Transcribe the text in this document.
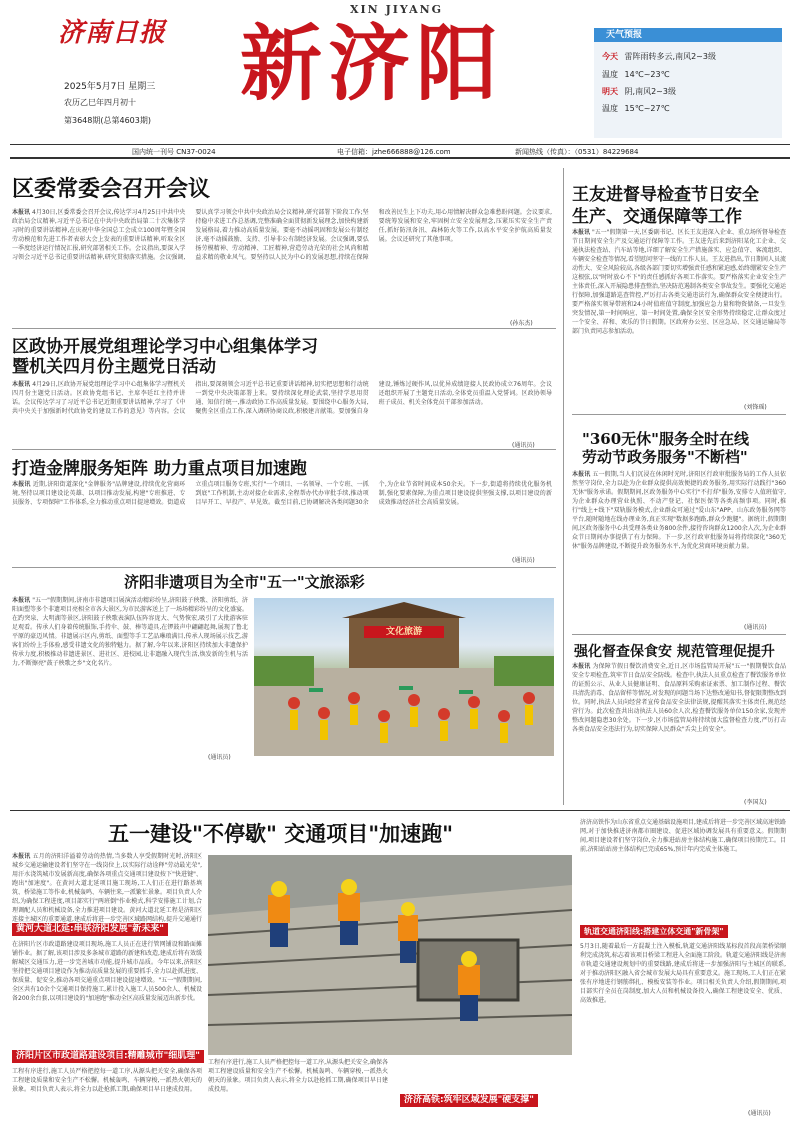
济南日报
2025年5月7日 星期三
农历乙巳年四月初十
第3648期(总第4603期)
XIN JIYANG
新济阳	天气预报
今天 雷阵雨转多云,南风2~3级
温度 14℃~23℃
明天 阴,南风2~3级
温度 15℃~27℃
国内统一刊号 CN37-0024	电子信箱：jzhe666888@126.com	新闻热线（传真）：（0531）84229684
区委常委会召开会议
本报讯 4月30日,区委常委会召开会议,传达学习4月25日中共中央政治局会议精神,习近平总书记在中共中央政治局第二十次集体学习时的重要讲话精神,在庆祝中华全国总工会成立100周年暨全国劳动模范和先进工作者表彰大会上发表的重要讲话精神,听取全区一季度经济运行情况汇报,研究部署相关工作。会议指出,要深入学习领会习近平总书记重要讲话精神,研究贯彻落实措施。会议强调,要认真学习领会中共中央政治局会议精神,研究部署下阶段工作;坚持稳中求进工作总基调,完整准确全面贯彻新发展理念,加快构建新发展格局,着力推动高质量发展。要毫不动摇巩固和发展公有制经济,毫不动摇鼓励、支持、引导非公有制经济发展。会议强调,要弘扬劳模精神、劳动精神、工匠精神,营造劳动光荣的社会风尚和精益求精的敬业风气。要坚持以人民为中心的发展思想,持续在保障和改善民生上下功夫,用心用情解决群众急难愁盼问题。会议要求,要统筹发展和安全,牢固树立安全发展理念,压紧压实安全生产责任,抓好防汛备汛、森林防火等工作,以高水平安全护航高质量发展。会议还研究了其他事项。
(孙东杰)
区政协开展党组理论学习中心组集体学习
暨机关四月份主题党日活动
本报讯 4月29日,区政协开展党组理论学习中心组集体学习暨机关四月份主题党日活动。区政协党组书记、主席李廷红主持并讲话。会议传达学习了习近平总书记近期重要讲话精神,学习了《中共中央关于加强新时代政协党的建设工作的意见》等内容。会议指出,要深刻领会习近平总书记重要讲话精神,切实把思想和行动统一到党中央决策部署上来。要持续深化理论武装,坚持学思用贯通、知信行统一,推动政协工作高质量发展。要围绕中心服务大局,聚焦全区重点工作,深入调研协商议政,积极建言献策。要加强自身建设,锤炼过硬作风,以优异成绩迎接人民政协成立76周年。会议还组织开展了主题党日活动,全体党员重温入党誓词。区政协领导班子成员、机关全体党员干部参加活动。
(通讯员)
打造金牌服务矩阵 助力重点项目加速跑
本报讯 近期,济阳街道深化"金牌服务"品牌建设,持续优化营商环境,坚持以项目建设论英雄、以项目推动发展,构建"专班推进、专员服务、专项保障"工作体系,全力推动重点项目提速增效。街道成立重点项目服务专班,实行"一个项目、一名领导、一个专班、一抓到底"工作机制,主动对接企业需求,全程帮办代办审批手续,推动项目早开工、早投产、早见效。截至目前,已协调解决各类问题30余个,为企业节省时间成本50余天。下一步,街道将持续优化服务机制,强化要素保障,为重点项目建设提供坚强支撑,以项目建设的新成效推动经济社会高质量发展。
(通讯员)
济阳非遗项目为全市"五一"文旅添彩
本报讯 "五一"假期期间,济南市非遗项目展演活动精彩纷呈,济阳鼓子秧歌、济阳剪纸、济阳面塑等多个非遗项目亮相全市各大景区,为市民游客送上了一场场精彩纷呈的文化盛宴。在趵突泉、大明湖等景区,济阳鼓子秧歌表演队伍阵容庞大、气势恢宏,吸引了大批游客驻足观看。传承人们身着传统服饰,手持伞、鼓、棒等道具,在锣鼓声中翩翩起舞,展现了鲁北平原的豪迈风情。非遗展示区内,剪纸、面塑等手工艺品琳琅满目,传承人现场展示技艺,游客们纷纷上手体验,感受非遗文化的独特魅力。据了解,今年以来,济阳区持续加大非遗保护传承力度,积极推动非遗进景区、进社区、进校园,让非遗融入现代生活,焕发新的生机与活力,不断擦亮"鼓子秧歌之乡"文化名片。
(通讯员)
文化旅游
王友进督导检查节日安全
生产、交通保障等工作
本报讯 "五一"假期第一天,区委副书记、区长王友进深入企业、重点场所督导检查节日期间安全生产及交通运行保障等工作。王友进先后来到济阳某化工企业、交通执法检查站、汽车站等地,详细了解安全生产措施落实、应急值守、客流组织、车辆安全检查等情况,看望慰问坚守一线的工作人员。王友进指出,节日期间人员流动性大、安全风险较高,各级各部门要切实增强责任感和紧迫感,始终绷紧安全生产这根弦,以"时时放心不下"的责任感抓好各项工作落实。要严格落实企业安全生产主体责任,深入开展隐患排查整治,坚决防范遏制各类安全事故发生。要强化交通运行保障,加强道路巡查管控,严厉打击各类交通违法行为,确保群众安全便捷出行。要严格落实领导带班和24小时值班值守制度,加强应急力量和物资储备,一旦发生突发情况,第一时间响应、第一时间处置,确保全区安全形势持续稳定,让群众度过一个安全、祥和、欢乐的节日假期。区政府办公室、区应急局、区交通运输局等部门负责同志参加活动。
(刘锋瑶)
"360无休"服务全时在线
劳动节政务服务"不断档"
本报讯 五一假期,当人们沉浸在休闲时光时,济阳区行政审批服务局的工作人员依然坚守岗位,全力以赴为企业群众提供高效便捷的政务服务,用实际行动践行"360无休"服务承诺。假期期间,区政务服务中心实行"不打烊"服务,安排专人值班值守,为企业群众办理营业执照、不动产登记、社保医保等各类高频事项。同时,推行"线上+线下"双轨服务模式,企业群众可通过"爱山东"APP、山东政务服务网等平台,随时随地在线办理业务,真正实现"数据多跑路,群众少跑腿"。据统计,假期期间,区政务服务中心共受理各类业务800余件,接待咨询群众1200余人次,为企业群众节日期间办事提供了有力保障。下一步,区行政审批服务局将持续深化"360无休"服务品牌建设,不断提升政务服务水平,为优化营商环境贡献力量。
(通讯员)
强化督查保食安 规范管理促提升
本报讯 为保障节假日餐饮消费安全,近日,区市场监管局开展"五一"假期餐饮食品安全专项检查,筑牢节日食品安全防线。检查中,执法人员重点检查了餐饮服务单位的证照公示、从业人员健康证明、食品原料采购索证索票、加工制作过程、餐饮具清洗消毒、食品留样等情况,对发现的问题当场下达整改通知书,督促限期整改到位。同时,执法人员向经营者宣传食品安全法律法规,提醒其落实主体责任,规范经营行为。此次检查共出动执法人员60余人次,检查餐饮服务单位150余家,发现并整改问题隐患30余处。下一步,区市场监管局将持续加大监督检查力度,严厉打击各类食品安全违法行为,切实保障人民群众"舌尖上的安全"。
(李国友)
五一建设"不停歇" 交通项目"加速跑"
本报讯 五月的济阳洋溢着劳动的热情,当多数人享受假期时光时,济阳区城乡交通运输建设者们坚守在一线岗位上,以实际行动诠释"劳动最光荣",用汗水浇筑城市发展新高度,确保各项重点交通项目建设按下"快进键"、跑出"加速度"。在黄河大道北延项目施工现场,工人们正在进行路基填筑、桥梁施工等作业,机械轰鸣、车辆往来,一派繁忙景象。项目负责人介绍,为确保工程进度,项目部实行"两班倒"作业模式,科学安排施工计划,合理调配人员和机械设备,全力推进项目建设。黄河大道北延工程是济阳区连接主城区的重要通道,建成后将进一步完善区域路网结构,提升交通通行
黄河大道北延:串联济阳发展"新未来"
在济阳片区市政道路建设项目现场,施工人员正在进行管网铺设和路面摊铺作业。据了解,该项目涉及多条城市道路的新建和改造,建成后将有效缓解城区交通压力,进一步完善城市功能,提升城市品质。今年以来,济阳区坚持把交通项目建设作为推动高质量发展的重要抓手,全力以赴抓进度、保质量、促安全,推动各项交通重点项目建设提速增效。"五一"假期期间,全区共有10余个交通项目保持施工,累计投入施工人员500余人、机械设备200余台套,以项目建设的"加速跑"推动全区高质量发展迈出新步伐。
济阳片区市政道路建设项目:精雕城市"细肌理"
工程有序进行,施工人员严格把控每一道工序,从源头把关安全,确保各项工程建设质量和安全生产不松懈。机械轰鸣、车辆穿梭,一派热火朝天的景象。项目负责人表示,将全力以赴抢抓工期,确保项目早日建成投用。
工程有序进行,施工人员严格把控每一道工序,从源头把关安全,确保各项工程建设质量和安全生产不松懈。机械轰鸣、车辆穿梭,一派热火朝天的景象。项目负责人表示,将全力以赴抢抓工期,确保项目早日建成投用。
济济高铁:筑牢区域发展"硬支撑"
济济高铁作为山东省重点交通基础设施项目,建成后将进一步完善区域高速铁路网,对于加快推进济南都市圈建设、促进区域协调发展具有重要意义。假期期间,项目建设者们坚守岗位,全力推进站房主体结构施工,确保项目按期完工。目前,济阳站站房主体结构已完成65%,预计年内完成主体施工。
轨道交通济阳线:搭建立体交通"新骨架"
5月3日,随着最后一方混凝土注入模板,轨道交通济阳线某标段首段高架桥梁顺利完成浇筑,标志着该项目桥梁工程进入全面施工阶段。轨道交通济阳线是济南市轨道交通建设规划中的重要线路,建成后将进一步加强济阳与主城区的联系,对于推动济阳区融入省会城市发展大局具有重要意义。施工现场,工人们正在紧张有序地进行钢筋绑扎、模板安装等作业。项目相关负责人介绍,假期期间,项目部实行全员在岗制度,加大人员和机械设备投入,确保工程建设安全、优质、高效推进。
(通讯员)
